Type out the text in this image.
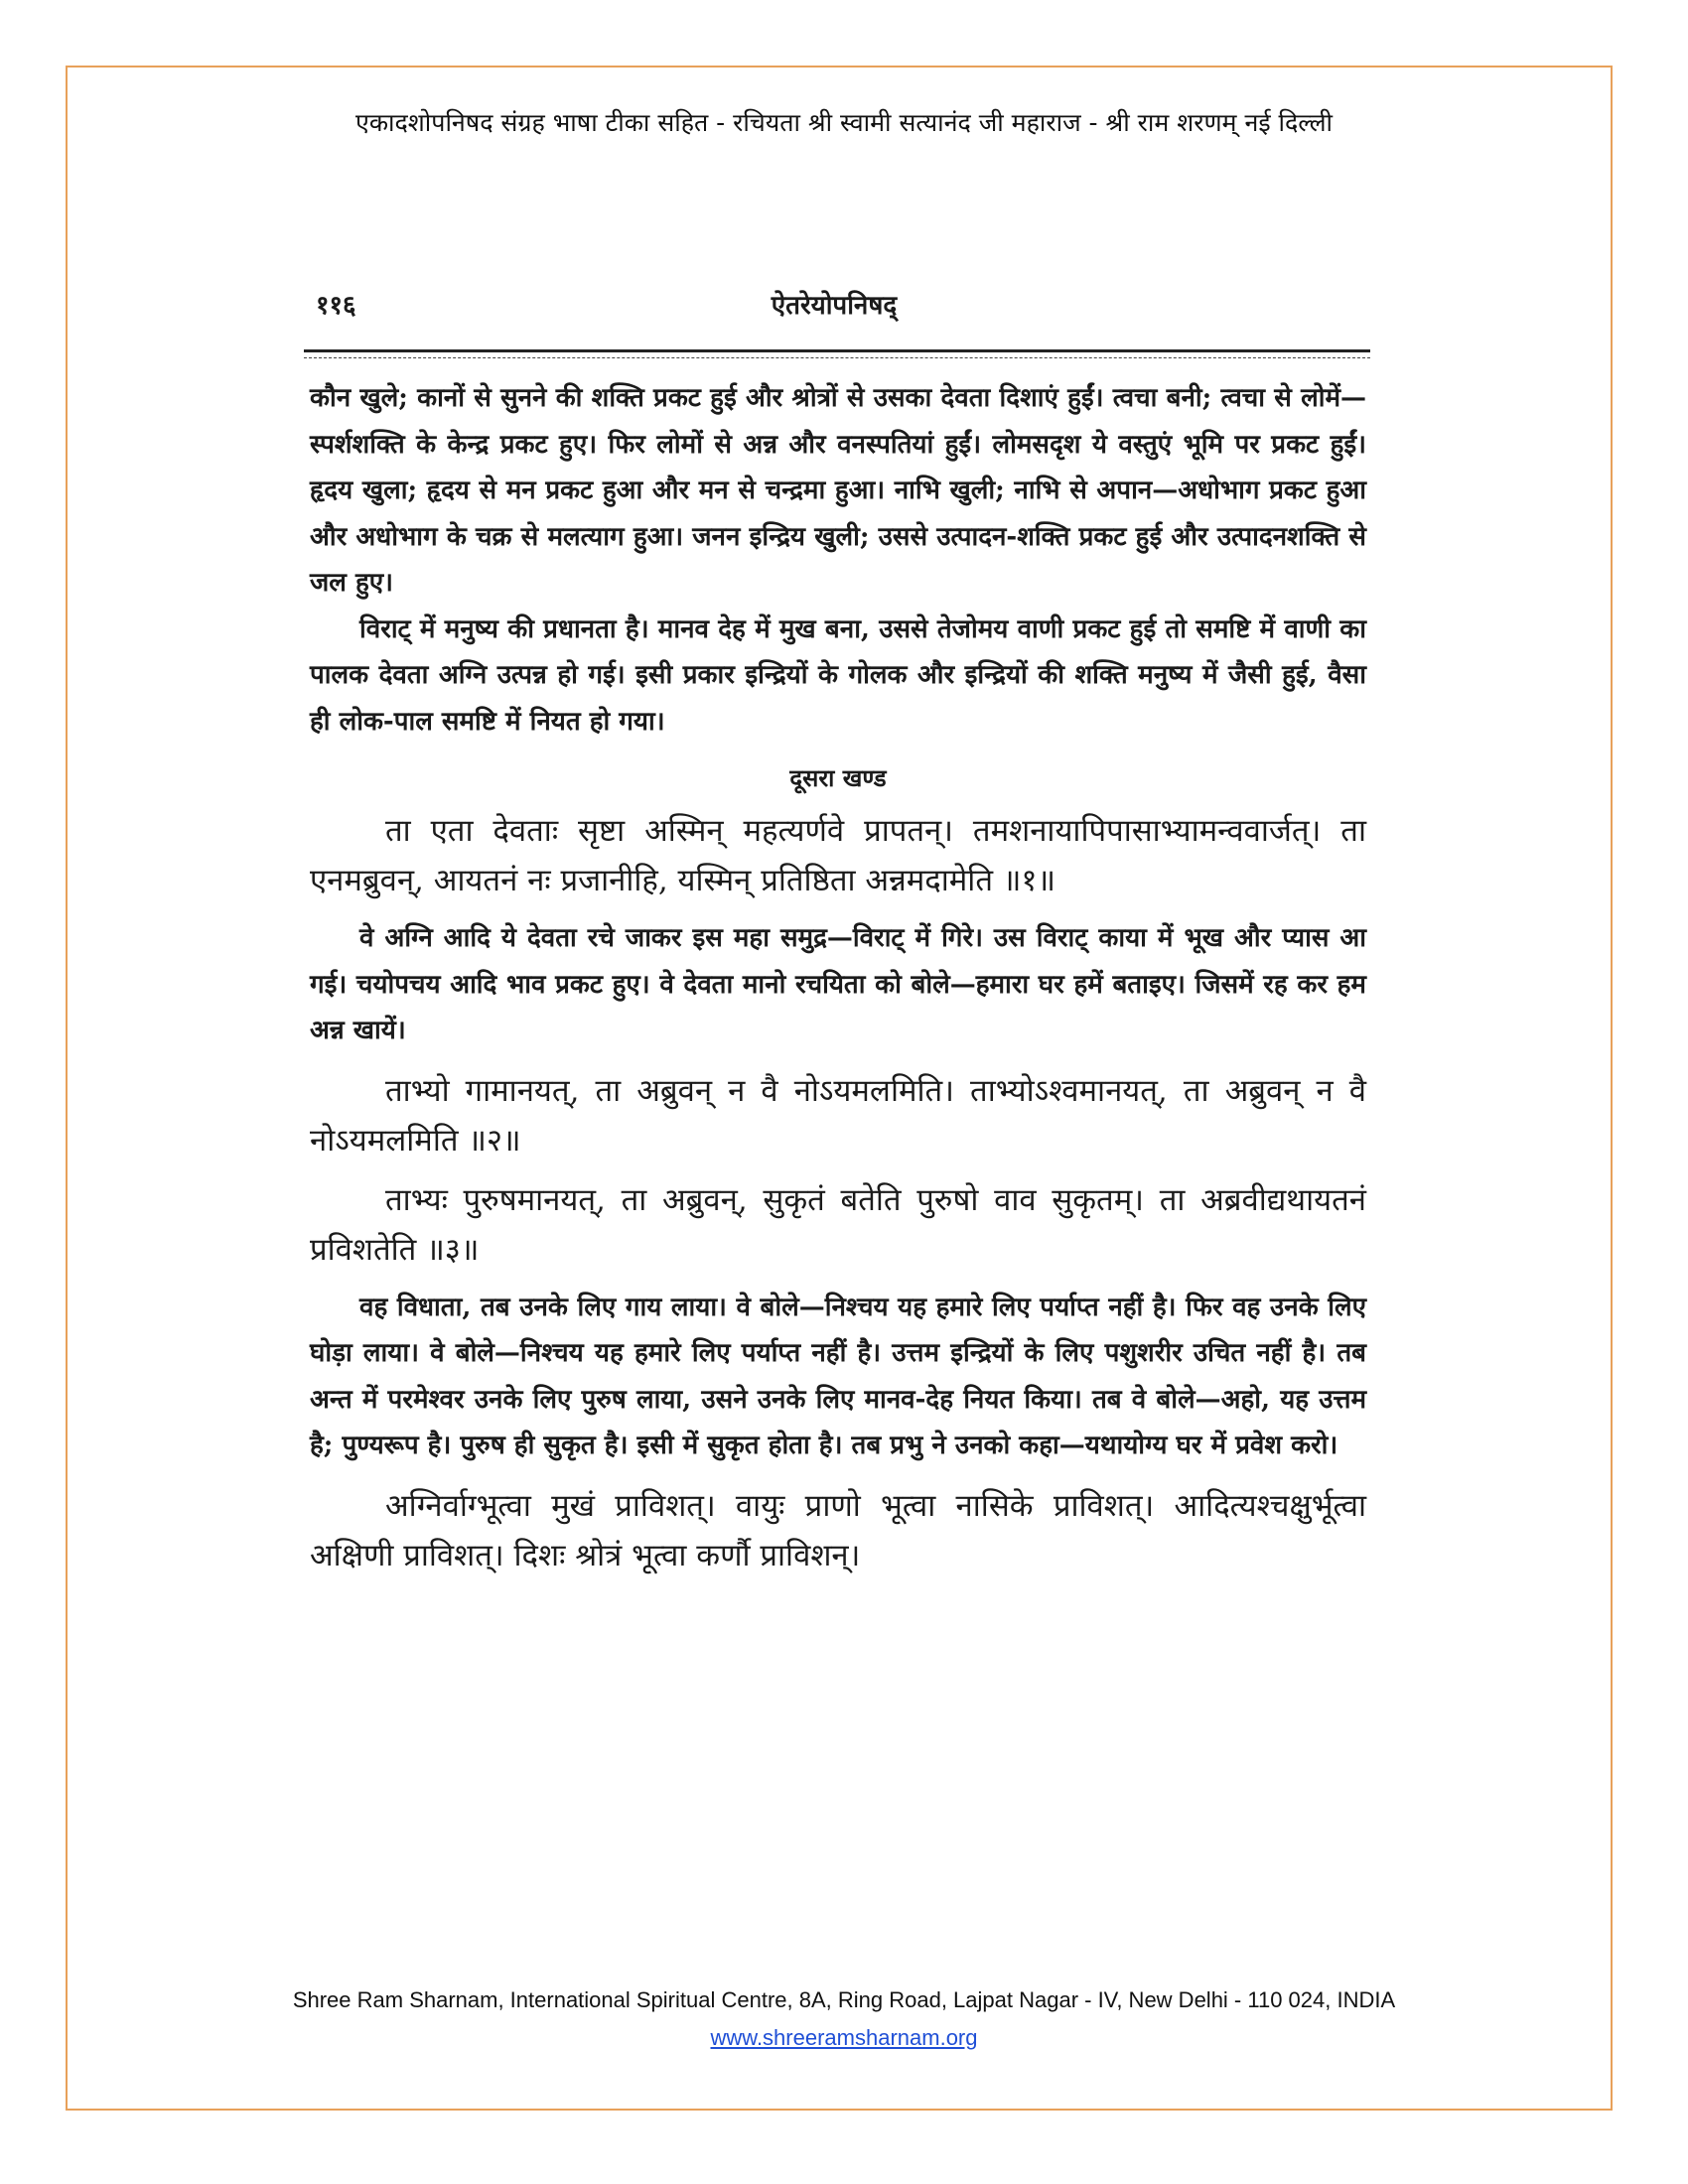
एकादशोपनिषद संग्रह भाषा टीका सहित - रचियता श्री स्वामी सत्यानंद जी महाराज - श्री राम शरणम् नई दिल्ली
११६	ऐतरेयोपनिषद्

कौन खुले; कानों से सुनने की शक्ति प्रकट हुई और श्रोत्रों से उसका देवता दिशाएं हुईं। त्वचा बनी; त्वचा से लोमें—स्पर्शशक्ति के केन्द्र प्रकट हुए। फिर लोमों से अन्न और वनस्पतियां हुईं। लोमसदृश ये वस्तुएं भूमि पर प्रकट हुईं। हृदय खुला; हृदय से मन प्रकट हुआ और मन से चन्द्रमा हुआ। नाभि खुली; नाभि से अपान—अधोभाग प्रकट हुआ और अधोभाग के चक्र से मलत्याग हुआ। जनन इन्द्रिय खुली; उससे उत्पादन-शक्ति प्रकट हुई और उत्पादनशक्ति से जल हुए।

विराट् में मनुष्य की प्रधानता है। मानव देह में मुख बना, उससे तेजोमय वाणी प्रकट हुई तो समष्टि में वाणी का पालक देवता अग्नि उत्पन्न हो गई। इसी प्रकार इन्द्रियों के गोलक और इन्द्रियों की शक्ति मनुष्य में जैसी हुई, वैसा ही लोक-पाल समष्टि में नियत हो गया।

दूसरा खण्ड

ता एता देवताः सृष्टा अस्मिन् महत्यर्णवे प्रापतन्। तमशनायापिपासाभ्यामन्ववार्जत्। ता एनमब्रुवन्, आयतनं नः प्रजानीहि, यस्मिन् प्रतिष्ठिता अन्नमदामेति ॥१॥

वे अग्नि आदि ये देवता रचे जाकर इस महा समुद्र—विराट् में गिरे। उस विराट् काया में भूख और प्यास आ गई। चयोपचय आदि भाव प्रकट हुए। वे देवता मानो रचयिता को बोले—हमारा घर हमें बताइए। जिसमें रह कर हम अन्न खायें।

ताभ्यो गामानयत्, ता अब्रुवन् न वै नोऽयमलमिति। ताभ्योऽश्वमानयत्, ता अब्रुवन् न वै नोऽयमलमिति ॥२॥

ताभ्यः पुरुषमानयत्, ता अब्रुवन्, सुकृतं बतेति पुरुषो वाव सुकृतम्। ता अब्रवीद्यथायतनं प्रविशतेति ॥३॥

वह विधाता, तब उनके लिए गाय लाया। वे बोले—निश्चय यह हमारे लिए पर्याप्त नहीं है। फिर वह उनके लिए घोड़ा लाया। वे बोले—निश्चय यह हमारे लिए पर्याप्त नहीं है। उत्तम इन्द्रियों के लिए पशुशरीर उचित नहीं है। तब अन्त में परमेश्वर उनके लिए पुरुष लाया, उसने उनके लिए मानव-देह नियत किया। तब वे बोले—अहो, यह उत्तम है; पुण्यरूप है। पुरुष ही सुकृत है। इसी में सुकृत होता है। तब प्रभु ने उनको कहा—यथायोग्य घर में प्रवेश करो।

अग्निर्वाग्भूत्वा मुखं प्राविशत्। वायुः प्राणो भूत्वा नासिके प्राविशत्। आदित्यश्चक्षुर्भूत्वा अक्षिणी प्राविशत्। दिशः श्रोत्रं भूत्वा कर्णौ प्राविशन्।

Shree Ram Sharnam, International Spiritual Centre, 8A, Ring Road, Lajpat Nagar - IV, New Delhi - 110 024, INDIA
www.shreeramsharnam.org
